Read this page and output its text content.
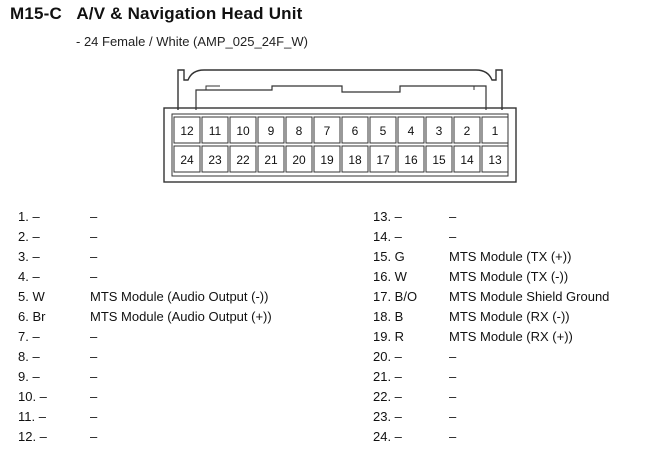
M15-C A/V & Navigation Head Unit
- 24 Female / White (AMP_025_24F_W)
12 11 10 9 8 7 6 5 4 3 2 1
24 23 22 21 20 19 18 17 16 15 14 13
1. –	–
2. –	–
3. –	–
4. –	–
5. W	MTS Module (Audio Output (-))
6. Br	MTS Module (Audio Output (+))
7. –	–
8. –	–
9. –	–
10. –	–
11. –	–
12. –	–
13. –	–
14. –	–
15. G	MTS Module (TX (+))
16. W	MTS Module (TX (-))
17. B/O MTS Module Shield Ground
18. B	MTS Module (RX (-))
19. R	MTS Module (RX (+))
20. –	–
21. –	–
22. –	–
23. –	–
24. –	–
